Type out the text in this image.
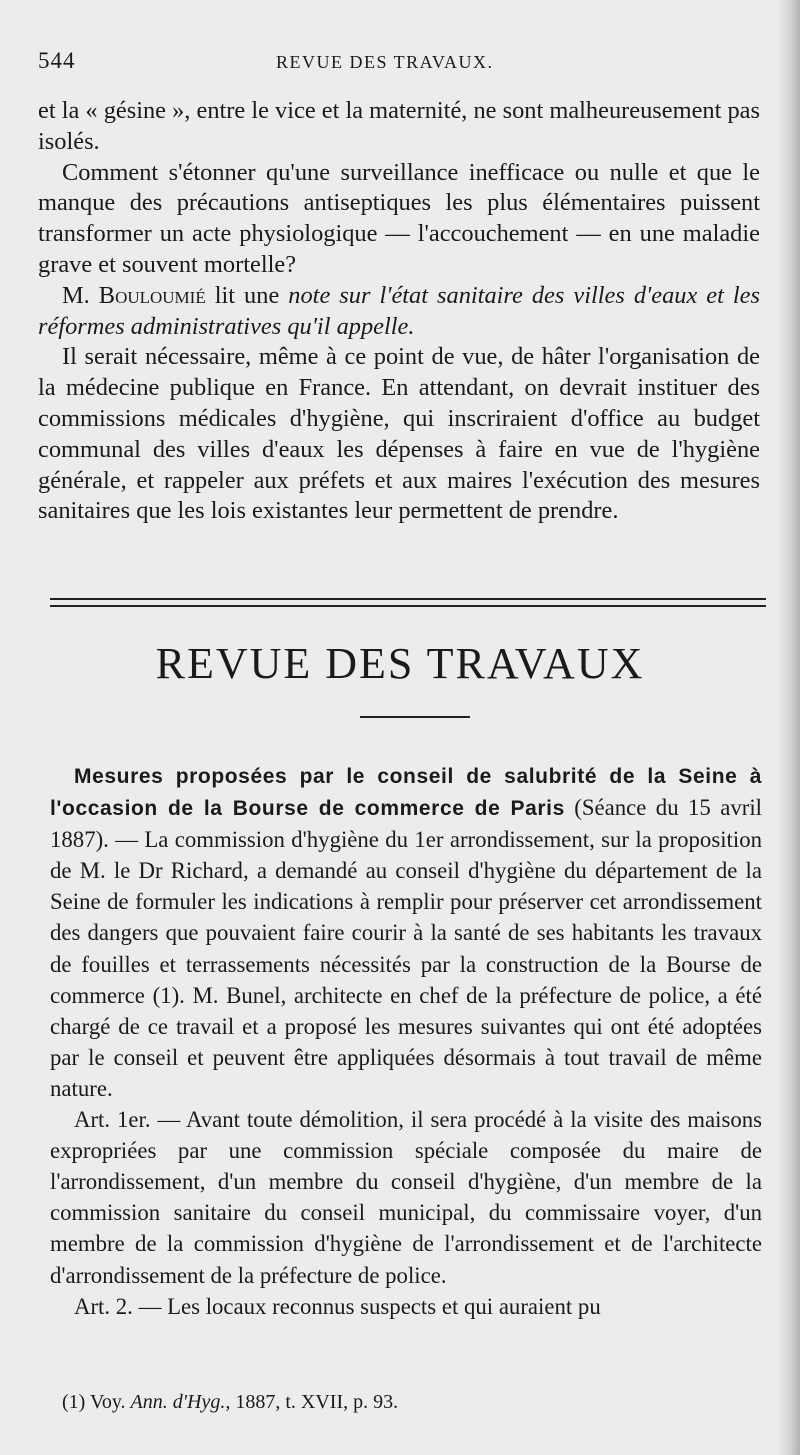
544	REVUE DES TRAVAUX.

et la « gésine », entre le vice et la maternité, ne sont malheureusement pas isolés.

Comment s'étonner qu'une surveillance inefficace ou nulle et que le manque des précautions antiseptiques les plus élémentaires puissent transformer un acte physiologique — l'accouchement — en une maladie grave et souvent mortelle?

M. Bouloumié lit une note sur l'état sanitaire des villes d'eaux et les réformes administratives qu'il appelle.

Il serait nécessaire, même à ce point de vue, de hâter l'organisation de la médecine publique en France. En attendant, on devrait instituer des commissions médicales d'hygiène, qui inscriraient d'office au budget communal des villes d'eaux les dépenses à faire en vue de l'hygiène générale, et rappeler aux préfets et aux maires l'exécution des mesures sanitaires que les lois existantes leur permettent de prendre.

REVUE DES TRAVAUX

Mesures proposées par le conseil de salubrité de la Seine à l'occasion de la Bourse de commerce de Paris (Séance du 15 avril 1887). — La commission d'hygiène du 1er arrondissement, sur la proposition de M. le Dr Richard, a demandé au conseil d'hygiène du département de la Seine de formuler les indications à remplir pour préserver cet arrondissement des dangers que pouvaient faire courir à la santé de ses habitants les travaux de fouilles et terrassements nécessités par la construction de la Bourse de commerce (1). M. Bunel, architecte en chef de la préfecture de police, a été chargé de ce travail et a proposé les mesures suivantes qui ont été adoptées par le conseil et peuvent être appliquées désormais à tout travail de même nature.

Art. 1er. — Avant toute démolition, il sera procédé à la visite des maisons expropriées par une commission spéciale composée du maire de l'arrondissement, d'un membre du conseil d'hygiène, d'un membre de la commission sanitaire du conseil municipal, du commissaire voyer, d'un membre de la commission d'hygiène de l'arrondissement et de l'architecte d'arrondissement de la préfecture de police.

Art. 2. — Les locaux reconnus suspects et qui auraient pu

(1) Voy. Ann. d'Hyg., 1887, t. XVII, p. 93.
